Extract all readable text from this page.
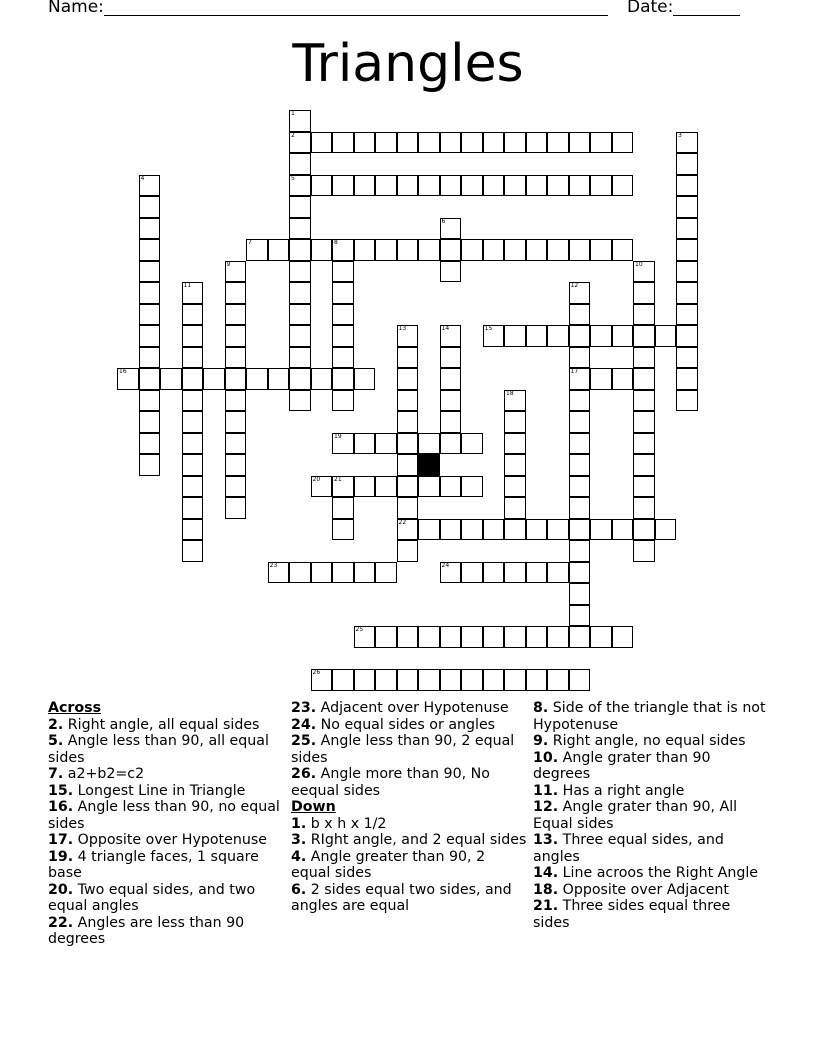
Name:	Date:
Triangles
1
2
5
3
4
6
7	8
9	10
11	12
17
13
22
14	15
16
18
19
20 21
23	24
25
26
Across
2. Right angle, all equal sides
5. Angle less than 90, all equal sides
7. a2+b2=c2
15. Longest Line in Triangle
16. Angle less than 90, no equal sides
17. Opposite over Hypotenuse
19. 4 triangle faces, 1 square base
20. Two equal sides, and two equal angles
22. Angles are less than 90 degrees
23. Adjacent over Hypotenuse
24. No equal sides or angles
25. Angle less than 90, 2 equal sides
26. Angle more than 90, No eequal sides
Down
1. b x h x 1/2
3. RIght angle, and 2 equal sides
4. Angle greater than 90, 2 equal sides
6. 2 sides equal two sides, and angles are equal
8. Side of the triangle that is not Hypotenuse
9. Right angle, no equal sides
10. Angle grater than 90 degrees
11. Has a right angle
12. Angle grater than 90, All Equal sides
13. Three equal sides, and angles
14. Line acroos the Right Angle
18. Opposite over Adjacent
21. Three sides equal three sides
